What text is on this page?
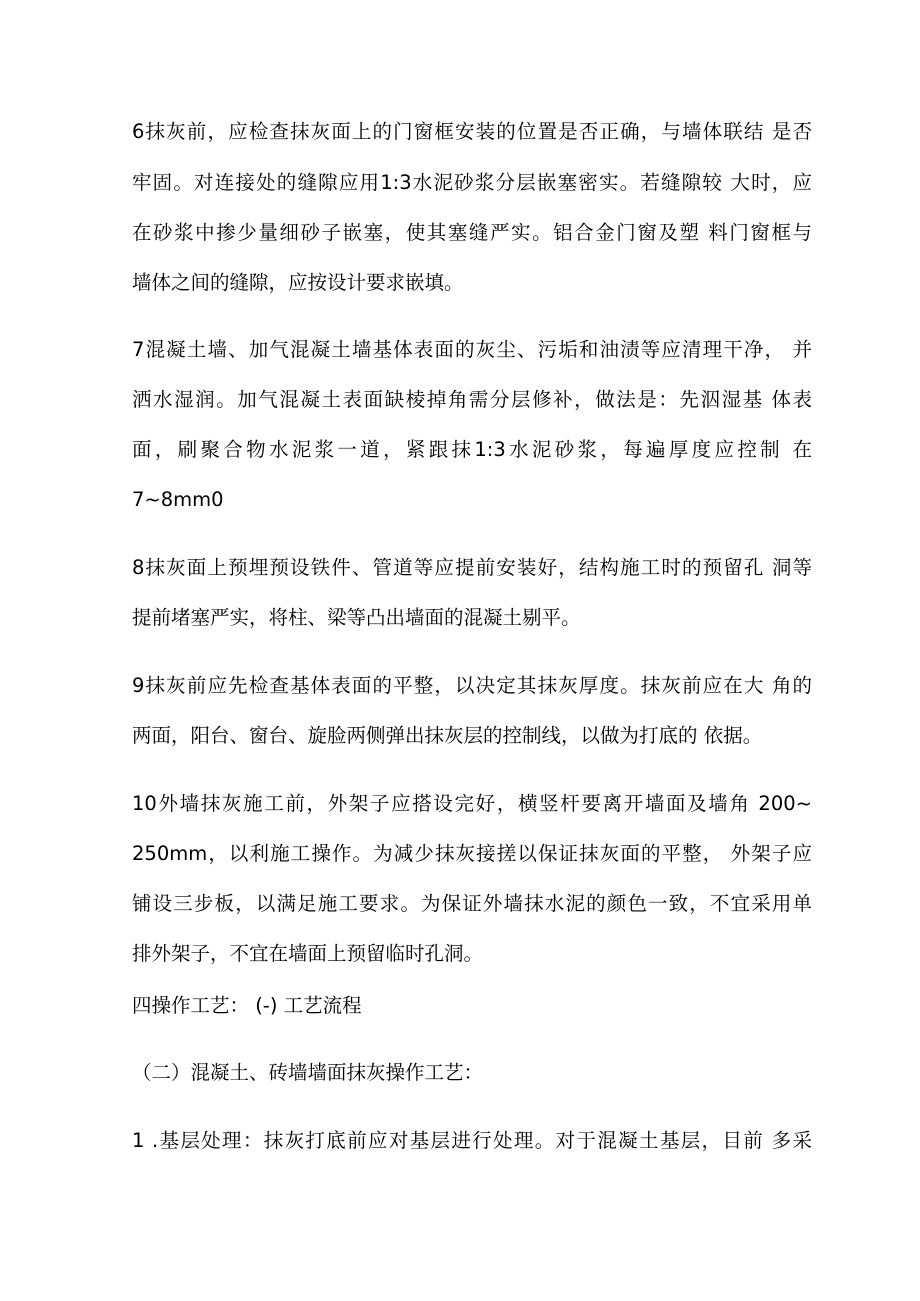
6抹灰前，应检查抹灰面上的门窗框安装的位置是否正确，与墙体联结 是否
牢固。对连接处的缝隙应用1:3水泥砂浆分层嵌塞密实。若缝隙较 大时，应
在砂浆中掺少量细砂子嵌塞，使其塞缝严实。铝合金门窗及塑 料门窗框与
墙体之间的缝隙，应按设计要求嵌填。
7混凝土墙、加气混凝土墙基体表面的灰尘、污垢和油渍等应清理干净， 并
洒水湿润。加气混凝土表面缺棱掉角需分层修补，做法是：先泅湿基 体表
面，刷聚合物水泥浆一道，紧跟抹1:3水泥砂浆，每遍厚度应控制 在
7~8mm0
8抹灰面上预埋预设铁件、管道等应提前安装好，结构施工时的预留孔 洞等
提前堵塞严实，将柱、梁等凸出墙面的混凝土剔平。
9抹灰前应先检查基体表面的平整，以决定其抹灰厚度。抹灰前应在大 角的
两面，阳台、窗台、旋脸两侧弹出抹灰层的控制线，以做为打底的 依据。
10外墙抹灰施工前，外架子应搭设完好，横竖杆要离开墙面及墙角 200~
250mm，以利施工操作。为减少抹灰接搓以保证抹灰面的平整， 外架子应
铺设三步板，以满足施工要求。为保证外墙抹水泥的颜色一致，不宜采用单
排外架子，不宜在墙面上预留临时孔洞。
四操作工艺： (-) 工艺流程
（二）混凝土、砖墙墙面抹灰操作工艺：
1 .基层处理：抹灰打底前应对基层进行处理。对于混凝土基层，目前 多采
